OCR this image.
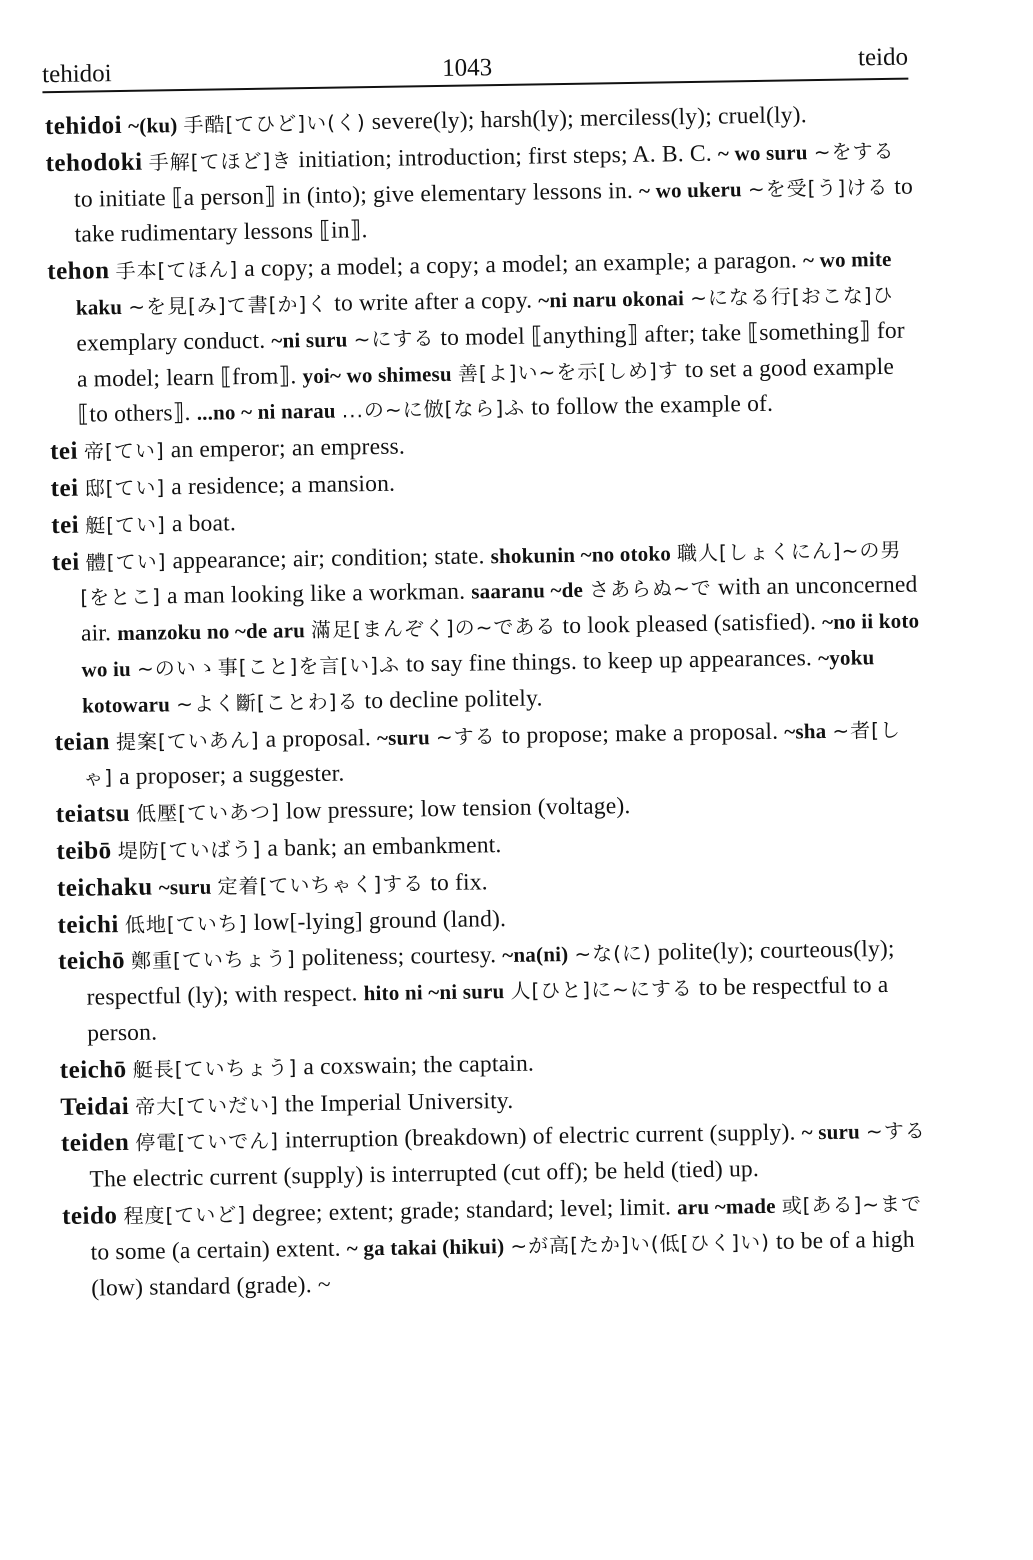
tehidoi	1043	teido
tehidoi ~(ku) 手酷[てひど]い(く) severe(ly); harsh(ly); merciless(ly); cruel(ly).
tehodoki 手解[てほど]き initiation; introduction; first steps; A. B. C. ~ wo suru ~をする to initiate ⟦a person⟧ in (into); give elementary lessons in. ~ wo ukeru ~を受[う]ける to take rudimentary lessons ⟦in⟧.
tehon 手本[てほん] a copy; a model; a copy; a model; an example; a paragon. ~ wo mite kaku ~を見[み]て書[か]く to write after a copy. ~ni naru okonai ~になる行[おこな]ひ exemplary conduct. ~ni suru ~にする to model ⟦anything⟧ after; take ⟦something⟧ for a model; learn ⟦from⟧. yoi~ wo shimesu 善[よ]い~を示[しめ]す to set a good example ⟦to others⟧. ...no ~ ni narau ...の~に倣[なら]ふ to follow the example of.
tei 帝[てい] an emperor; an empress.
tei 邸[てい] a residence; a mansion.
tei 艇[てい] a boat.
tei 體[てい] appearance; air; condition; state. shokunin ~no otoko 職人[しょくにん]~の男[をとこ] a man looking like a workman. saaranu ~de さあらぬ~で with an unconcerned air. manzoku no ~de aru 滿足[まんぞく]の~である to look pleased (satisfied). ~no ii koto wo iu ~のいゝ事[こと]を言[い]ふ to say fine things. to keep up appearances. ~yoku kotowaru ~よく斷[ことわ]る to decline politely.
teian 提案[ていあん] a proposal. ~suru ~する to propose; make a proposal. ~sha ~者[しゃ] a proposer; a suggester.
teiatsu 低壓[ていあつ] low pressure; low tension (voltage).
teibō 堤防[ていばう] a bank; an embankment.
teichaku ~suru 定着[ていちゃく]する to fix.
teichi 低地[ていち] low[-lying] ground (land).
teichō 鄭重[ていちょう] politeness; courtesy. ~na(ni) ~な(に) polite(ly); courteous(ly); respectful (ly); with respect. hito ni ~ni suru 人[ひと]に~にする to be respectful to a person.
teichō 艇長[ていちょう] a coxswain; the captain.
Teidai 帝大[ていだい] the Imperial University.
teiden 停電[ていでん] interruption (breakdown) of electric current (supply). ~ suru ~する The electric current (supply) is interrupted (cut off); be held (tied) up.
teido 程度[ていど] degree; extent; grade; standard; level; limit. aru ~made 或[ある]~まで to some (a certain) extent. ~ ga takai (hikui) ~が高[たか]い(低[ひく]い) to be of a high (low) standard (grade). ~
